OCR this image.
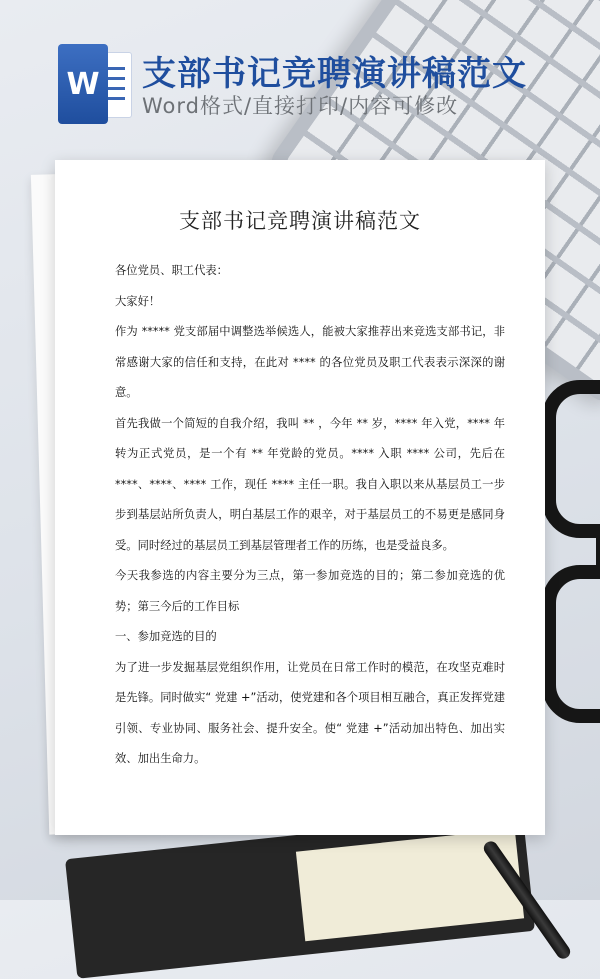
W 支部书记竞聘演讲稿范文
Word格式/直接打印/内容可修改
支部书记竞聘演讲稿范文

各位党员、职工代表：

大家好！

作为 ***** 党支部届中调整选举候选人，能被大家推荐出来竞选支部书记，非常感谢大家的信任和支持，在此对 **** 的各位党员及职工代表表示深深的谢意。

首先我做一个简短的自我介绍，我叫 ** ，今年 ** 岁，**** 年入党，**** 年转为正式党员，是一个有 ** 年党龄的党员。**** 入职 **** 公司，先后在 ****、****、**** 工作，现任 **** 主任一职。我自入职以来从基层员工一步步到基层站所负责人，明白基层工作的艰辛，对于基层员工的不易更是感同身受。同时经过的基层员工到基层管理者工作的历练，也是受益良多。

今天我参选的内容主要分为三点，第一参加竞选的目的；第二参加竞选的优势；第三今后的工作目标

一、参加竞选的目的

为了进一步发掘基层党组织作用，让党员在日常工作时的模范，在攻坚克难时是先锋。同时做实“ 党建 +”活动，使党建和各个项目相互融合，真正发挥党建引领、专业协同、服务社会、提升安全。使“ 党建 +”活动加出特色、加出实效、加出生命力。
